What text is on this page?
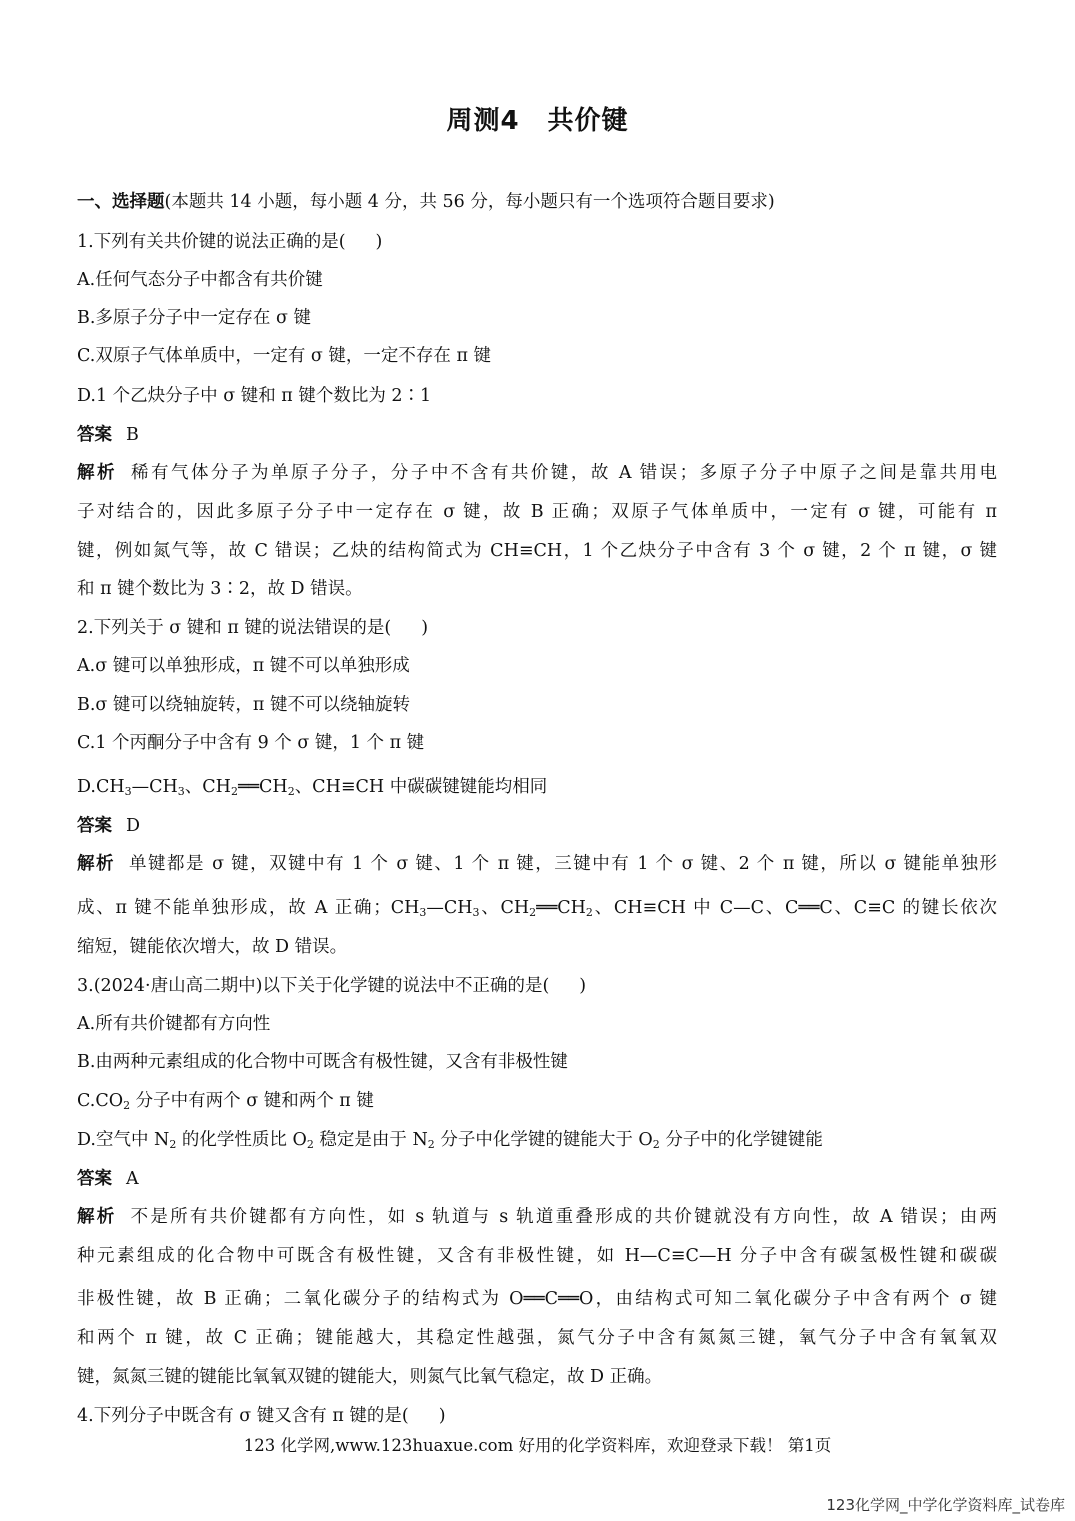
周测4 共价键
一、选择题(本题共 14 小题，每小题 4 分，共 56 分，每小题只有一个选项符合题目要求)
1.下列有关共价键的说法正确的是( )
A.任何气态分子中都含有共价键
B.多原子分子中一定存在 σ 键
C.双原子气体单质中，一定有 σ 键，一定不存在 π 键
D.1 个乙炔分子中 σ 键和 π 键个数比为 2∶1
答案 B
解析 稀有气体分子为单原子分子，分子中不含有共价键，故 A 错误；多原子分子中原子之间是靠共用电
子对结合的，因此多原子分子中一定存在 σ 键，故 B 正确；双原子气体单质中，一定有 σ 键，可能有 π
键，例如氮气等，故 C 错误；乙炔的结构简式为 CH≡CH，1 个乙炔分子中含有 3 个 σ 键，2 个 π 键，σ 键
和 π 键个数比为 3∶2，故 D 错误。
2.下列关于 σ 键和 π 键的说法错误的是( )
A.σ 键可以单独形成，π 键不可以单独形成
B.σ 键可以绕轴旋转，π 键不可以绕轴旋转
C.1 个丙酮分子中含有 9 个 σ 键，1 个 π 键
$D.CH_3—CH_3$、$CH_2══CH_2$、CH≡CH 中碳碳键键能均相同
答案 D
解析 单键都是 σ 键，双键中有 1 个 σ 键、1 个 π 键，三键中有 1 个 σ 键、2 个 π 键，所以 σ 键能单独形
成、π 键不能单独形成，故 A 正确；$CH_3—CH_3$、$CH_2══CH_2$、CH≡CH 中 C—C、C══C、C≡C 的键长依次
缩短，键能依次增大，故 D 错误。
3.(2024·唐山高二期中)以下关于化学键的说法中不正确的是( )
A.所有共价键都有方向性
B.由两种元素组成的化合物中可既含有极性键，又含有非极性键
$C.CO_2$ 分子中有两个 σ 键和两个 π 键
D.空气中 $N_2$ 的化学性质比 $O_2$ 稳定是由于 $N_2$ 分子中化学键的键能大于 $O_2$ 分子中的化学键键能
答案 A
解析 不是所有共价键都有方向性，如 s 轨道与 s 轨道重叠形成的共价键就没有方向性，故 A 错误；由两
种元素组成的化合物中可既含有极性键，又含有非极性键，如 H—C≡C—H 分子中含有碳氢极性键和碳碳
非极性键，故 B 正确；二氧化碳分子的结构式为 O══C══O，由结构式可知二氧化碳分子中含有两个 σ 键
和两个 π 键，故 C 正确；键能越大，其稳定性越强，氮气分子中含有氮氮三键，氧气分子中含有氧氧双
键，氮氮三键的键能比氧氧双键的键能大，则氮气比氧气稳定，故 D 正确。
4.下列分子中既含有 σ 键又含有 π 键的是( )
123 化学网,www.123huaxue.com 好用的化学资料库，欢迎登录下载！ 第1页
123化学网_中学化学资料库_试卷库
